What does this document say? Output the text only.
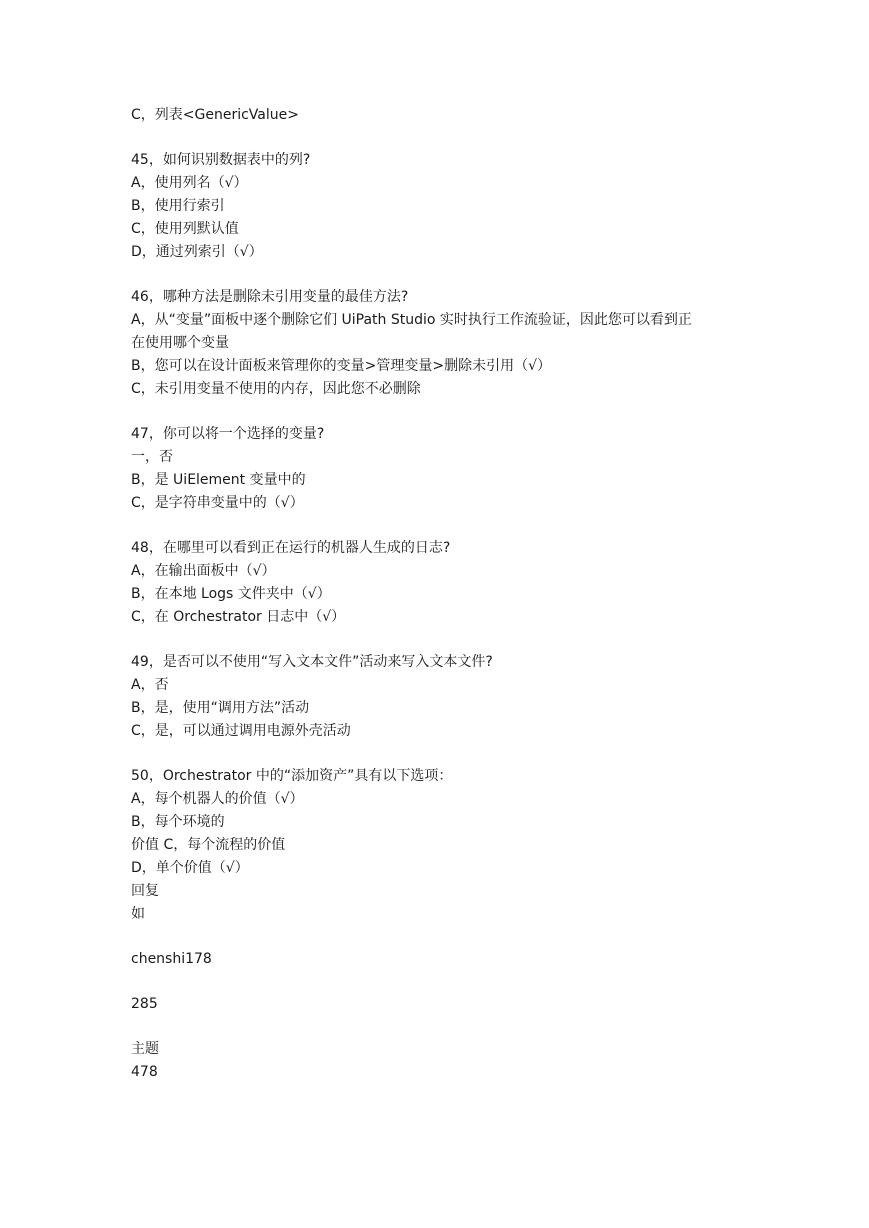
C，列表<GenericValue>
45，如何识别数据表中的列?
A，使用列名（√）
B，使用行索引
C，使用列默认值
D，通过列索引（√）
46，哪种方法是删除未引用变量的最佳方法?
A，从“变量”面板中逐个删除它们 UiPath Studio 实时执行工作流验证，因此您可以看到正
在使用哪个变量
B，您可以在设计面板来管理你的变量>管理变量>删除未引用（√）
C，未引用变量不使用的内存，因此您不必删除
47，你可以将一个选择的变量?
一，否
B，是 UiElement 变量中的
C，是字符串变量中的（√）
48，在哪里可以看到正在运行的机器人生成的日志?
A，在输出面板中（√）
B，在本地 Logs 文件夹中（√）
C，在 Orchestrator 日志中（√）
49，是否可以不使用“写入文本文件”活动来写入文本文件?
A，否
B，是，使用“调用方法”活动
C，是，可以通过调用电源外壳活动
50，Orchestrator 中的“添加资产”具有以下选项：
A，每个机器人的价值（√）
B，每个环境的
价值 C，每个流程的价值
D，单个价值（√）
回复
如
chenshi178
285
主题
478
